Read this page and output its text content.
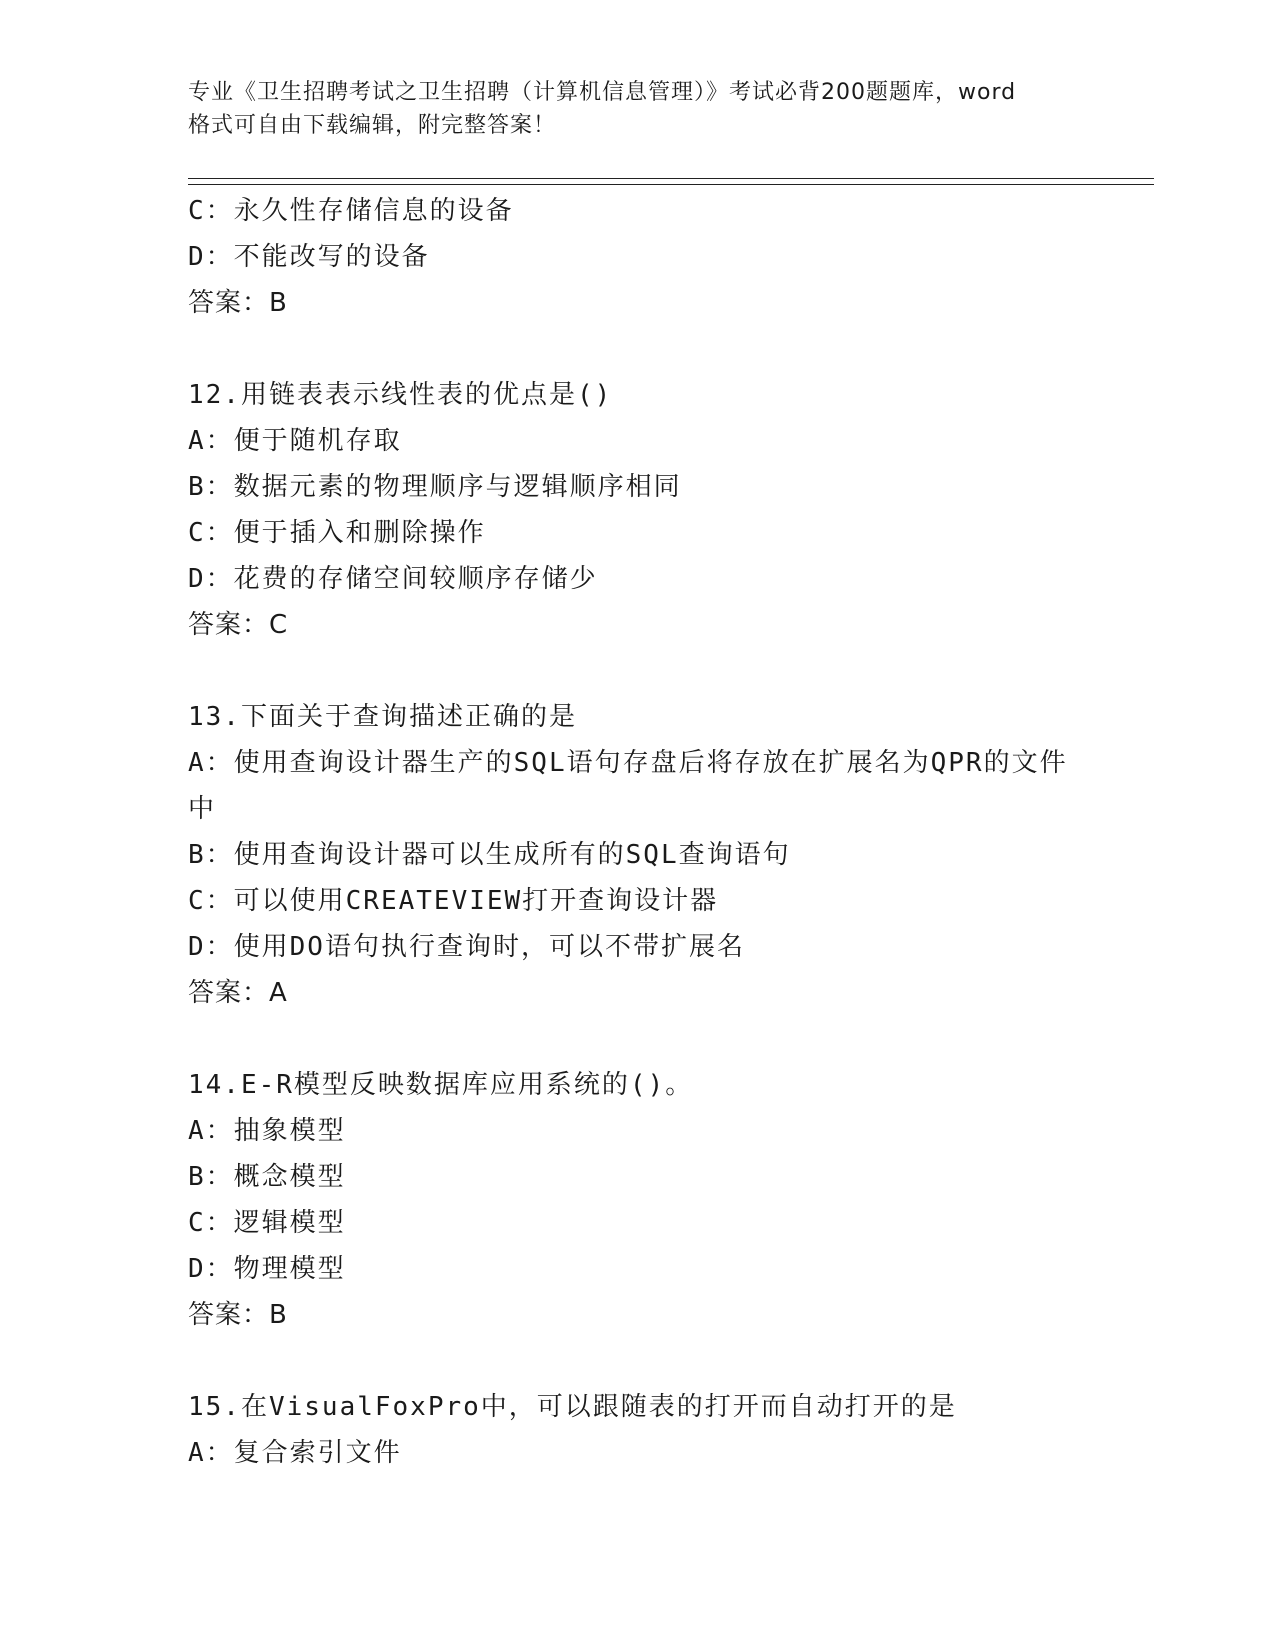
专业《卫生招聘考试之卫生招聘（计算机信息管理）》考试必背200题题库，word
格式可自由下载编辑，附完整答案！
C：永久性存储信息的设备
D：不能改写的设备
答案：B
12.用链表表示线性表的优点是()
A：便于随机存取
B：数据元素的物理顺序与逻辑顺序相同
C：便于插入和删除操作
D：花费的存储空间较顺序存储少
答案：C
13.下面关于查询描述正确的是
A：使用查询设计器生产的SQL语句存盘后将存放在扩展名为QPR的文件中
B：使用查询设计器可以生成所有的SQL查询语句
C：可以使用CREATEVIEW打开查询设计器
D：使用DO语句执行查询时，可以不带扩展名
答案：A
14.E-R模型反映数据库应用系统的()。
A：抽象模型
B：概念模型
C：逻辑模型
D：物理模型
答案：B
15.在VisualFoxPro中，可以跟随表的打开而自动打开的是
A：复合索引文件
